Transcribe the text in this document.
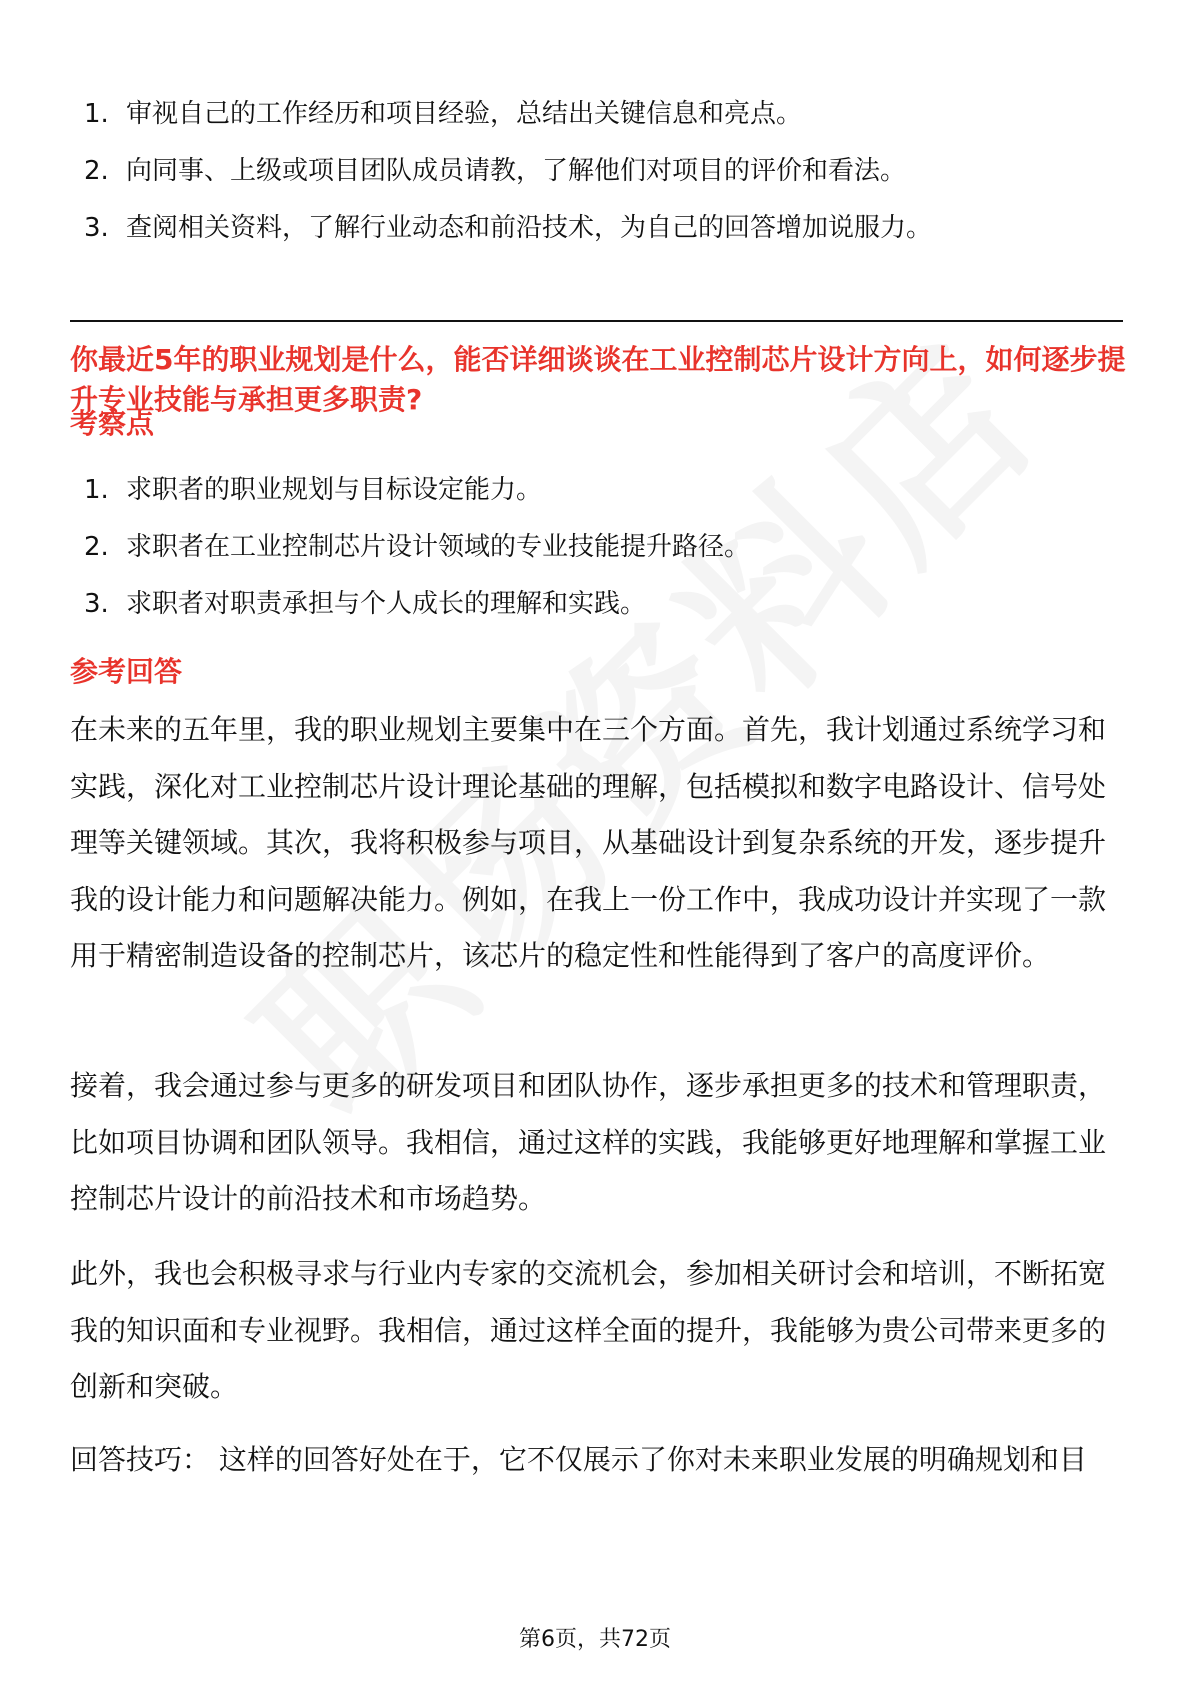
1. 审视自己的工作经历和项目经验，总结出关键信息和亮点。
2. 向同事、上级或项目团队成员请教，了解他们对项目的评价和看法。
3. 查阅相关资料，了解行业动态和前沿技术，为自己的回答增加说服力。
你最近5年的职业规划是什么，能否详细谈谈在工业控制芯片设计方向上，如何逐步提升专业技能与承担更多职责?
考察点
1. 求职者的职业规划与目标设定能力。
2. 求职者在工业控制芯片设计领域的专业技能提升路径。
3. 求职者对职责承担与个人成长的理解和实践。
参考回答

在未来的五年里，我的职业规划主要集中在三个方面。首先，我计划通过系统学习和实践，深化对工业控制芯片设计理论基础的理解，包括模拟和数字电路设计、信号处理等关键领域。其次，我将积极参与项目，从基础设计到复杂系统的开发，逐步提升我的设计能力和问题解决能力。例如，在我上一份工作中，我成功设计并实现了一款用于精密制造设备的控制芯片，该芯片的稳定性和性能得到了客户的高度评价。

接着，我会通过参与更多的研发项目和团队协作，逐步承担更多的技术和管理职责，比如项目协调和团队领导。我相信，通过这样的实践，我能够更好地理解和掌握工业控制芯片设计的前沿技术和市场趋势。

此外，我也会积极寻求与行业内专家的交流机会，参加相关研讨会和培训，不断拓宽我的知识面和专业视野。我相信，通过这样全面的提升，我能够为贵公司带来更多的创新和突破。

回答技巧： 这样的回答好处在于，它不仅展示了你对未来职业发展的明确规划和目

第6页，共72页
